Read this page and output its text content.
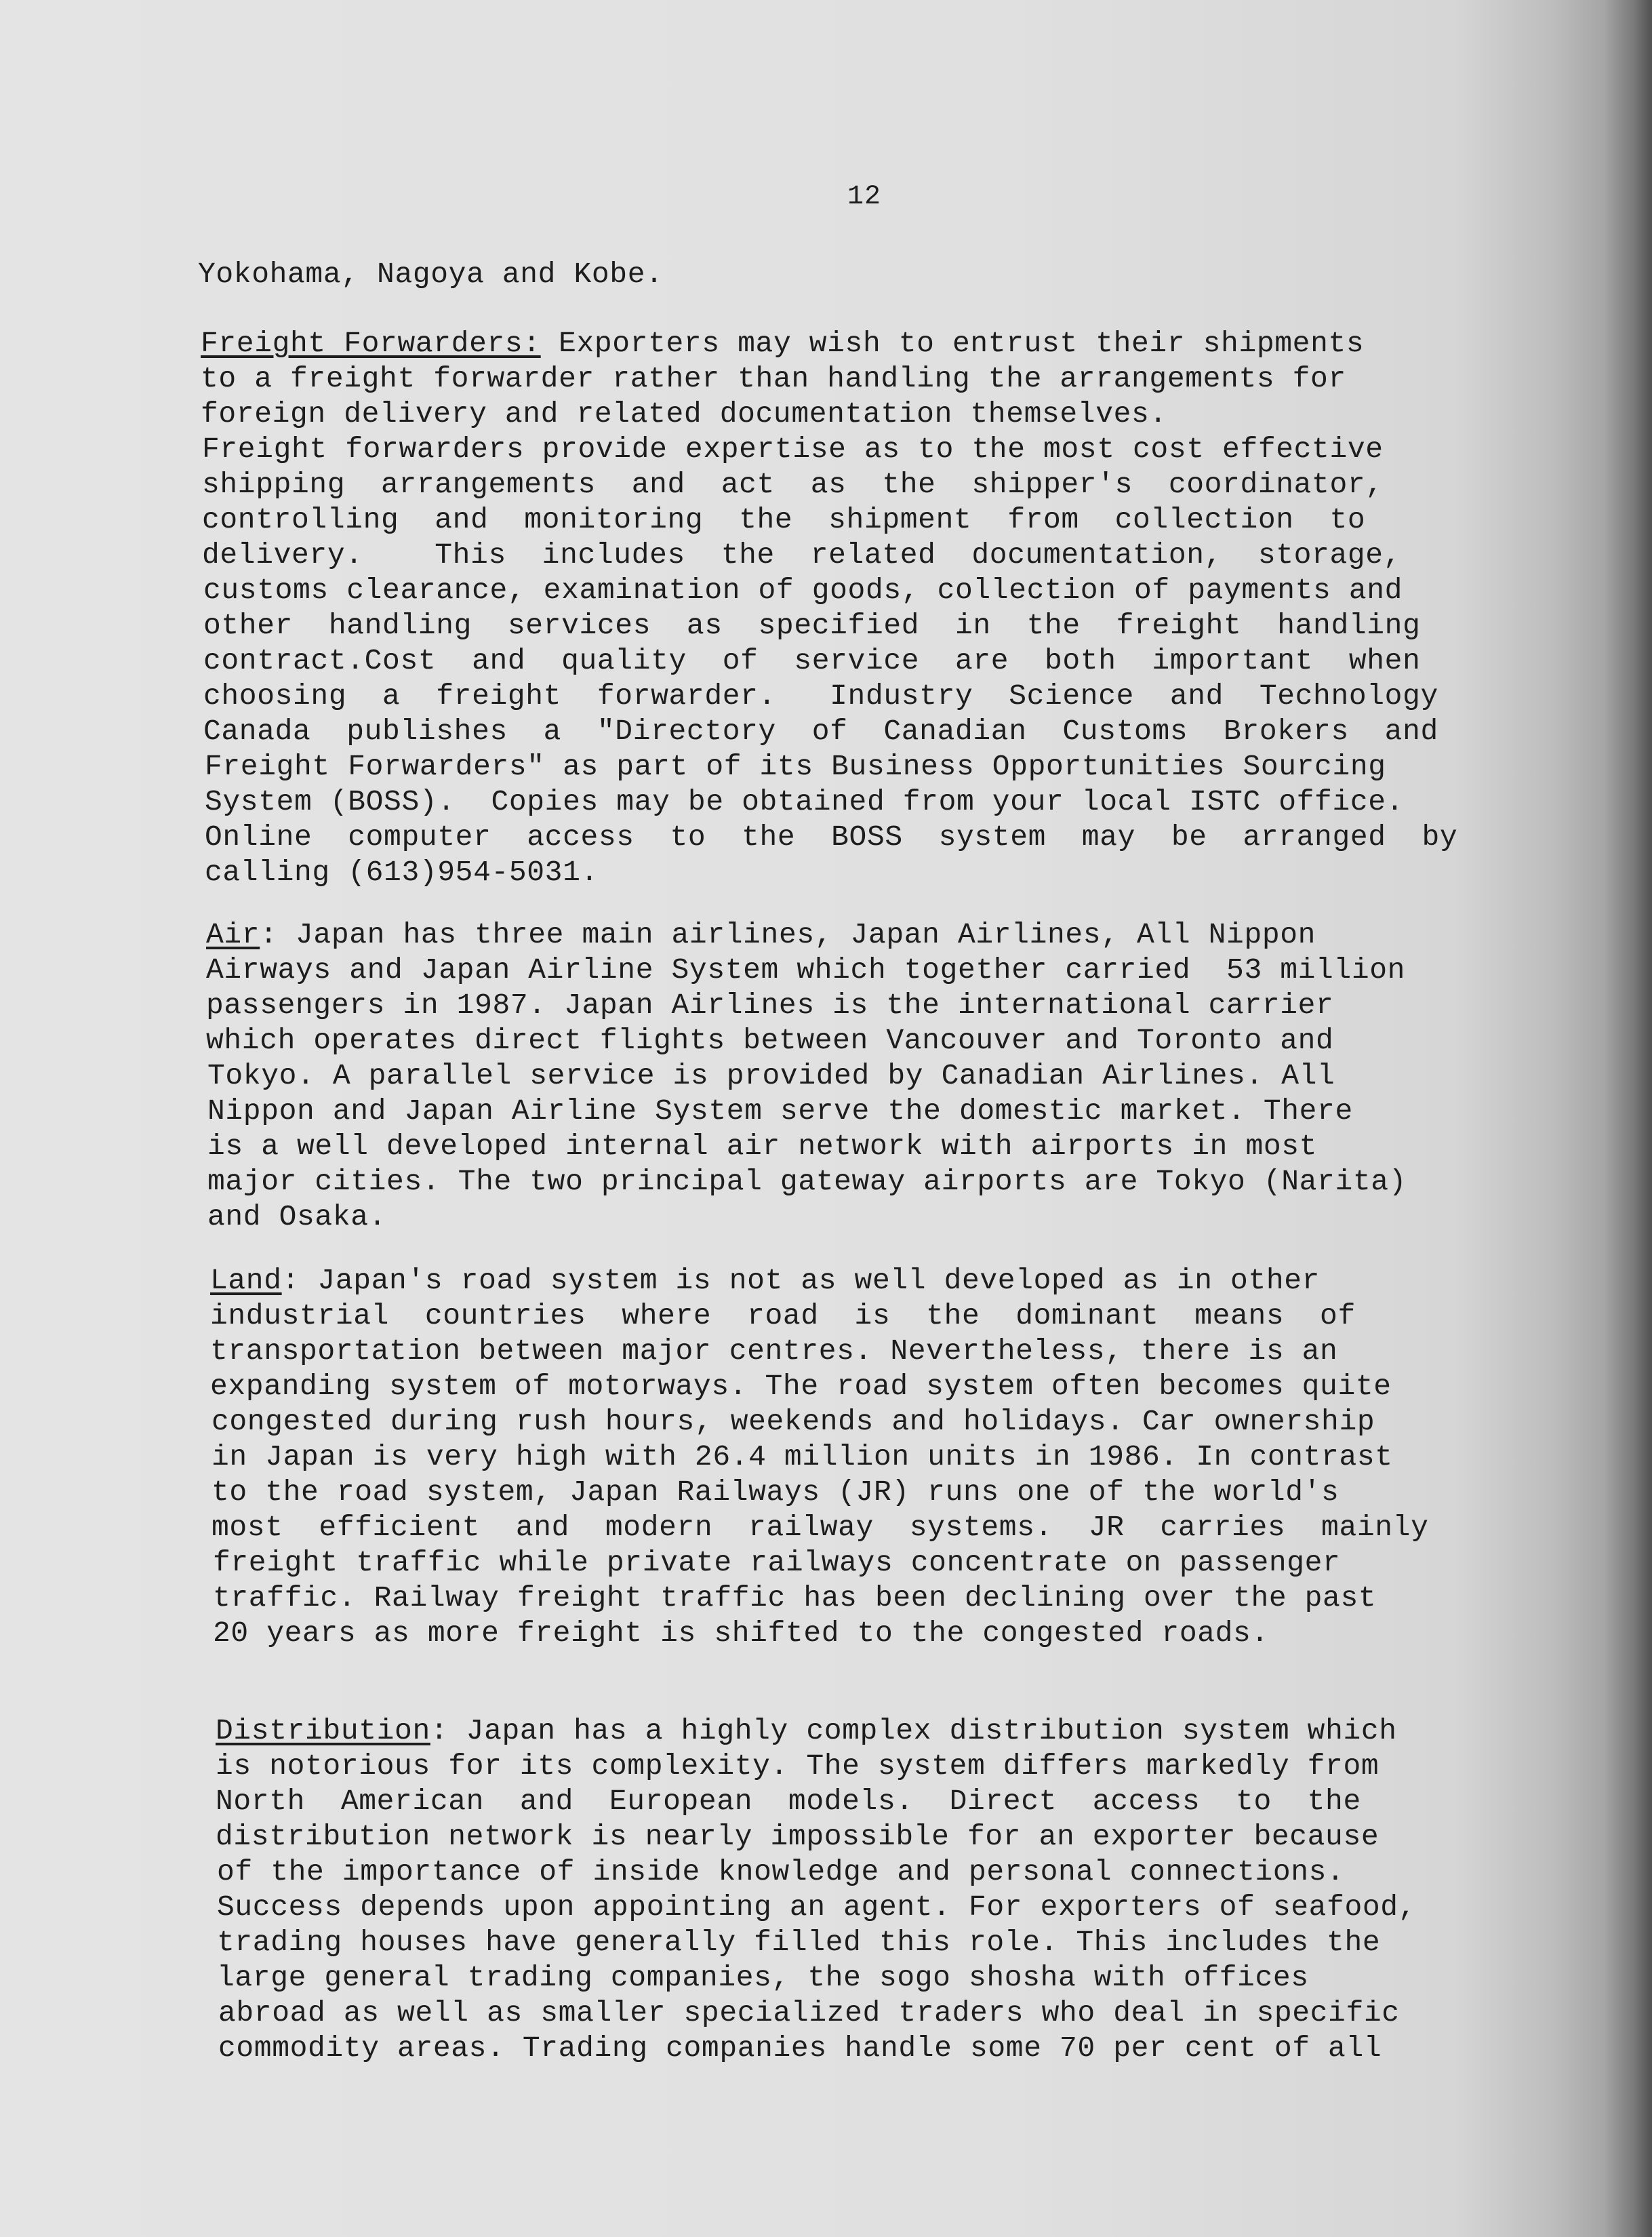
12
Yokohama, Nagoya and Kobe.
Freight Forwarders: Exporters may wish to entrust their shipments
to a freight forwarder rather than handling the arrangements for
foreign delivery and related documentation themselves.
Freight forwarders provide expertise as to the most cost effective
shipping  arrangements  and  act  as  the  shipper's  coordinator,
controlling  and  monitoring  the  shipment  from  collection  to
delivery.    This  includes  the  related  documentation,  storage,
customs clearance, examination of goods, collection of payments and
other  handling  services  as  specified  in  the  freight  handling
contract.Cost  and  quality  of  service  are  both  important  when
choosing  a  freight  forwarder.   Industry  Science  and  Technology
Canada  publishes  a  "Directory  of  Canadian  Customs  Brokers  and
Freight Forwarders" as part of its Business Opportunities Sourcing
System (BOSS).  Copies may be obtained from your local ISTC office.
Online  computer  access  to  the  BOSS  system  may  be  arranged  by
calling (613)954-5031.
Air: Japan has three main airlines, Japan Airlines, All Nippon
Airways and Japan Airline System which together carried  53 million
passengers in 1987. Japan Airlines is the international carrier
which operates direct flights between Vancouver and Toronto and
Tokyo. A parallel service is provided by Canadian Airlines. All
Nippon and Japan Airline System serve the domestic market. There
is a well developed internal air network with airports in most
major cities. The two principal gateway airports are Tokyo (Narita)
and Osaka.
Land: Japan's road system is not as well developed as in other
industrial  countries  where  road  is  the  dominant  means  of
transportation between major centres. Nevertheless, there is an
expanding system of motorways. The road system often becomes quite
congested during rush hours, weekends and holidays. Car ownership
in Japan is very high with 26.4 million units in 1986. In contrast
to the road system, Japan Railways (JR) runs one of the world's
most  efficient  and  modern  railway  systems.  JR  carries  mainly
freight traffic while private railways concentrate on passenger
traffic. Railway freight traffic has been declining over the past
20 years as more freight is shifted to the congested roads.
Distribution: Japan has a highly complex distribution system which
is notorious for its complexity. The system differs markedly from
North  American  and  European  models.  Direct  access  to  the
distribution network is nearly impossible for an exporter because
of the importance of inside knowledge and personal connections.
Success depends upon appointing an agent. For exporters of seafood,
trading houses have generally filled this role. This includes the
large general trading companies, the sogo shosha with offices
abroad as well as smaller specialized traders who deal in specific
commodity areas. Trading companies handle some 70 per cent of all
